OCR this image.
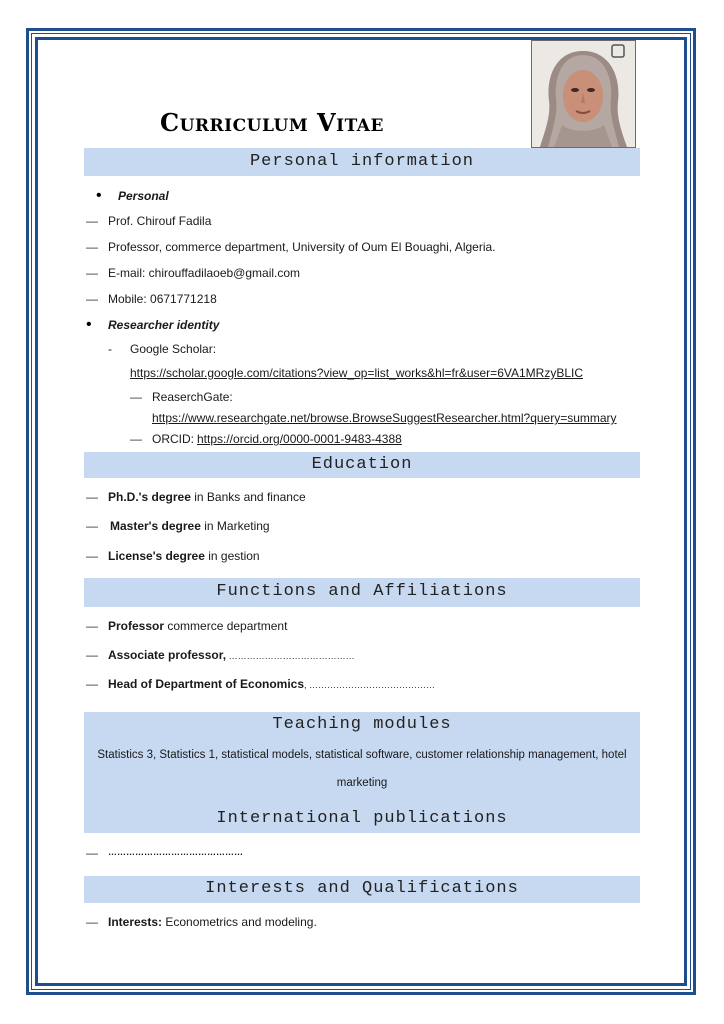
Curriculum Vitae
Personal information
• Personal
— Prof. Chirouf Fadila
— Professor, commerce department, University of Oum El Bouaghi, Algeria.
— E-mail: chirouffadilaoeb@gmail.com
— Mobile: 0671771218
• Researcher identity
- Google Scholar:
https://scholar.google.com/citations?view_op=list_works&hl=fr&user=6VA1MRzyBLIC
— ReaserchGate:
https://www.researchgate.net/browse.BrowseSuggestResearcher.html?query=summary
— ORCID: https://orcid.org/0000-0001-9483-4388
Education
— Ph.D.'s degree in Banks and finance
— Master's degree in Marketing
— License's degree in gestion
Functions and Affiliations
— Professor commerce department
— Associate professor, ……………………………………
— Head of Department of Economics, ……………………………………
Teaching modules
Statistics 3, Statistics 1, statistical models, statistical software, customer relationship management, hotel
marketing
International publications
— ………………………………………
Interests and Qualifications
— Interests: Econometrics and modeling.
